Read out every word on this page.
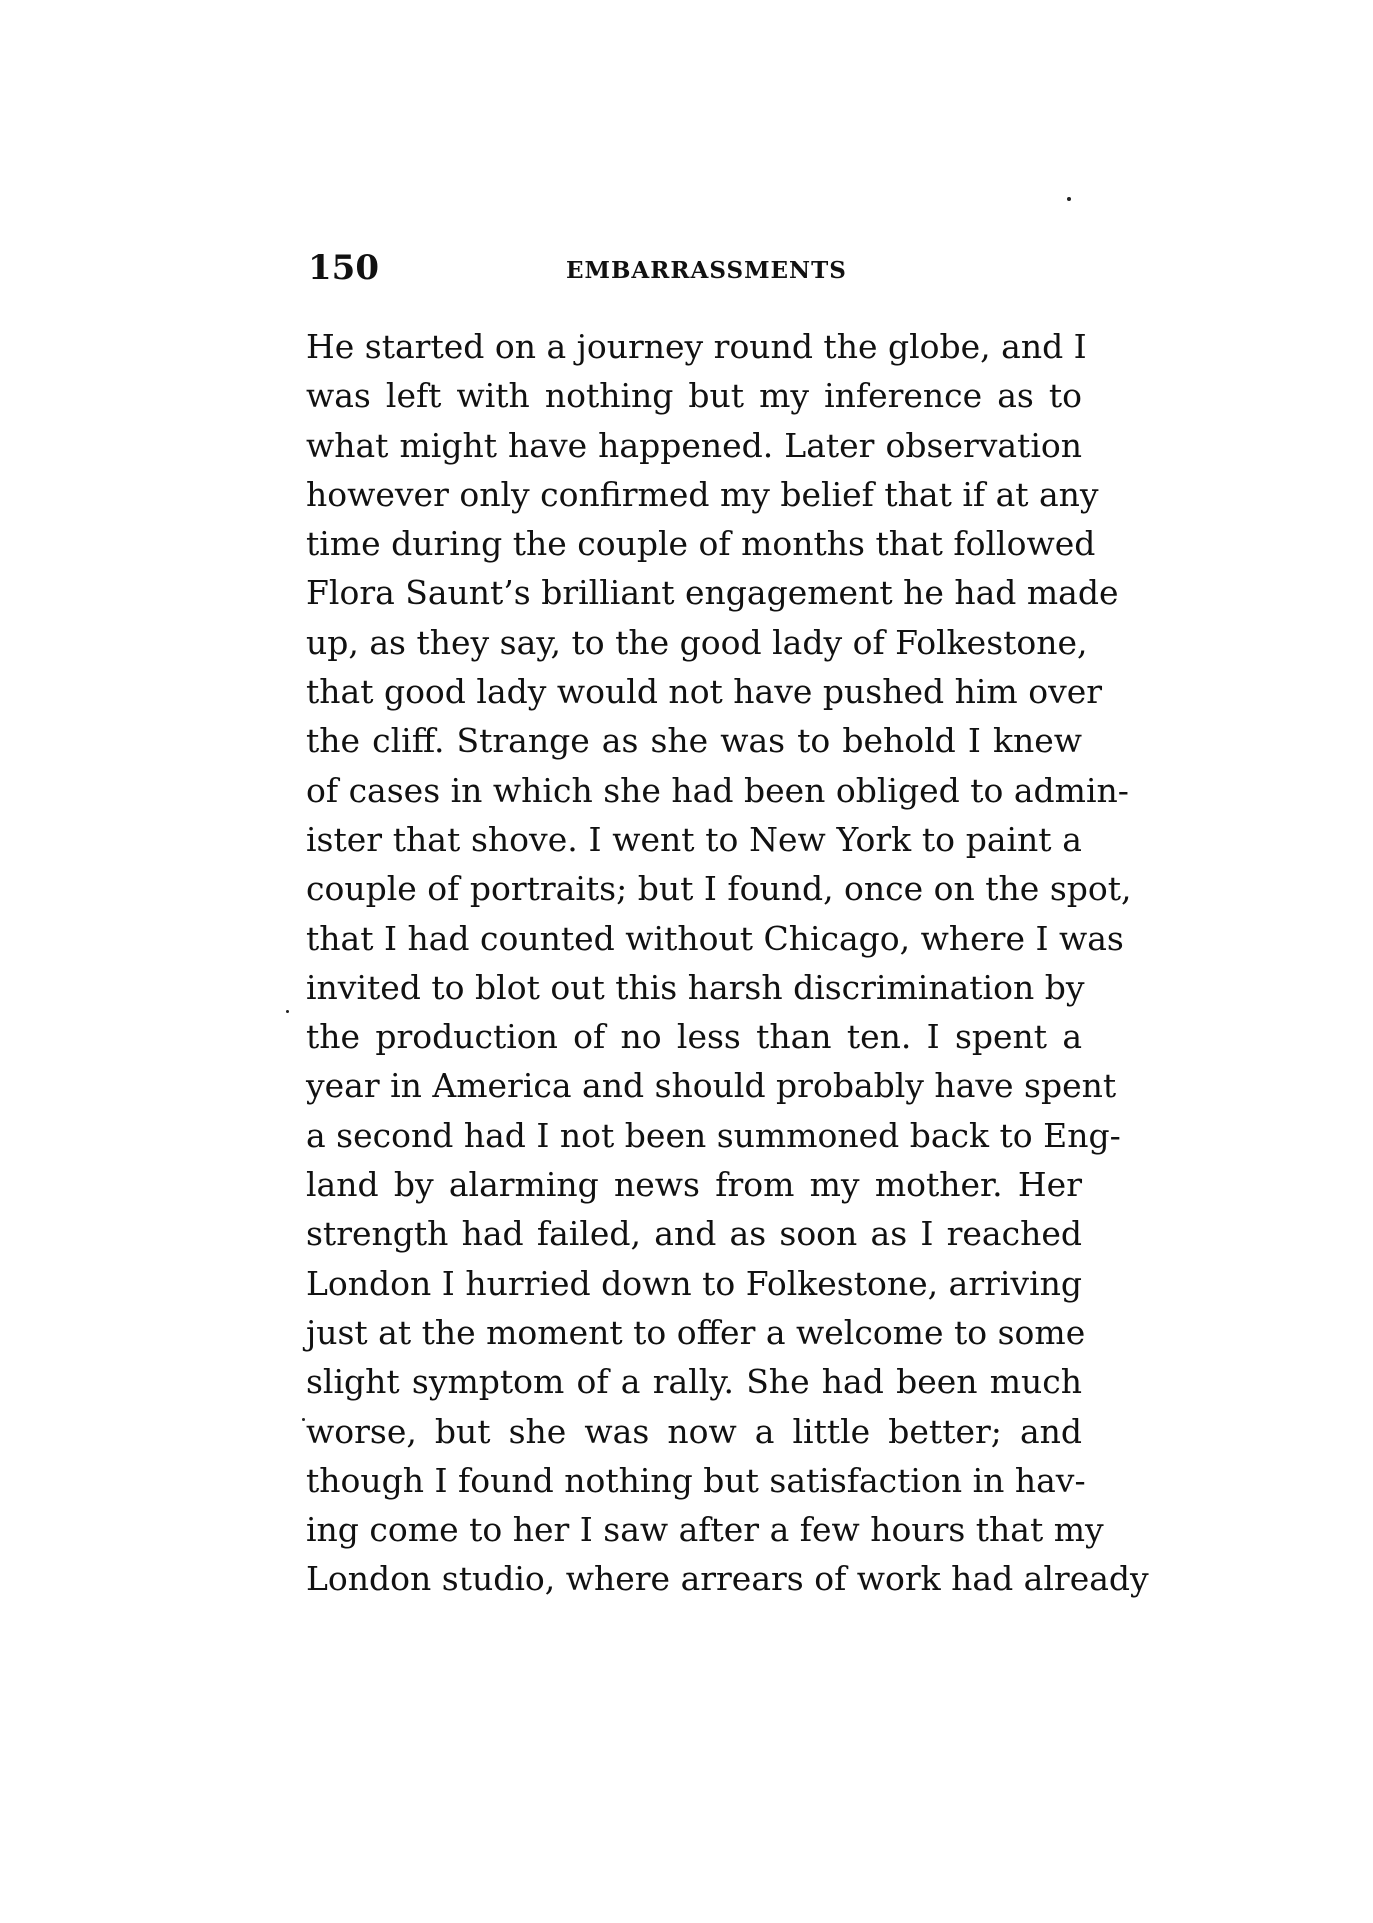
150	EMBARRASSMENTS
He started on a journey round the globe, and I
was left with nothing but my inference as to
what might have happened. Later observation
however only confirmed my belief that if at any
time during the couple of months that followed
Flora Saunt’s brilliant engagement he had made
up, as they say, to the good lady of Folkestone,
that good lady would not have pushed him over
the cliff. Strange as she was to behold I knew
of cases in which she had been obliged to admin-
ister that shove. I went to New York to paint a
couple of portraits; but I found, once on the spot,
that I had counted without Chicago, where I was
invited to blot out this harsh discrimination by
the production of no less than ten. I spent a
year in America and should probably have spent
a second had I not been summoned back to Eng-
land by alarming news from my mother. Her
strength had failed, and as soon as I reached
London I hurried down to Folkestone, arriving
just at the moment to offer a welcome to some
slight symptom of a rally. She had been much
worse, but she was now a little better; and
though I found nothing but satisfaction in hav-
ing come to her I saw after a few hours that my
London studio, where arrears of work had already
